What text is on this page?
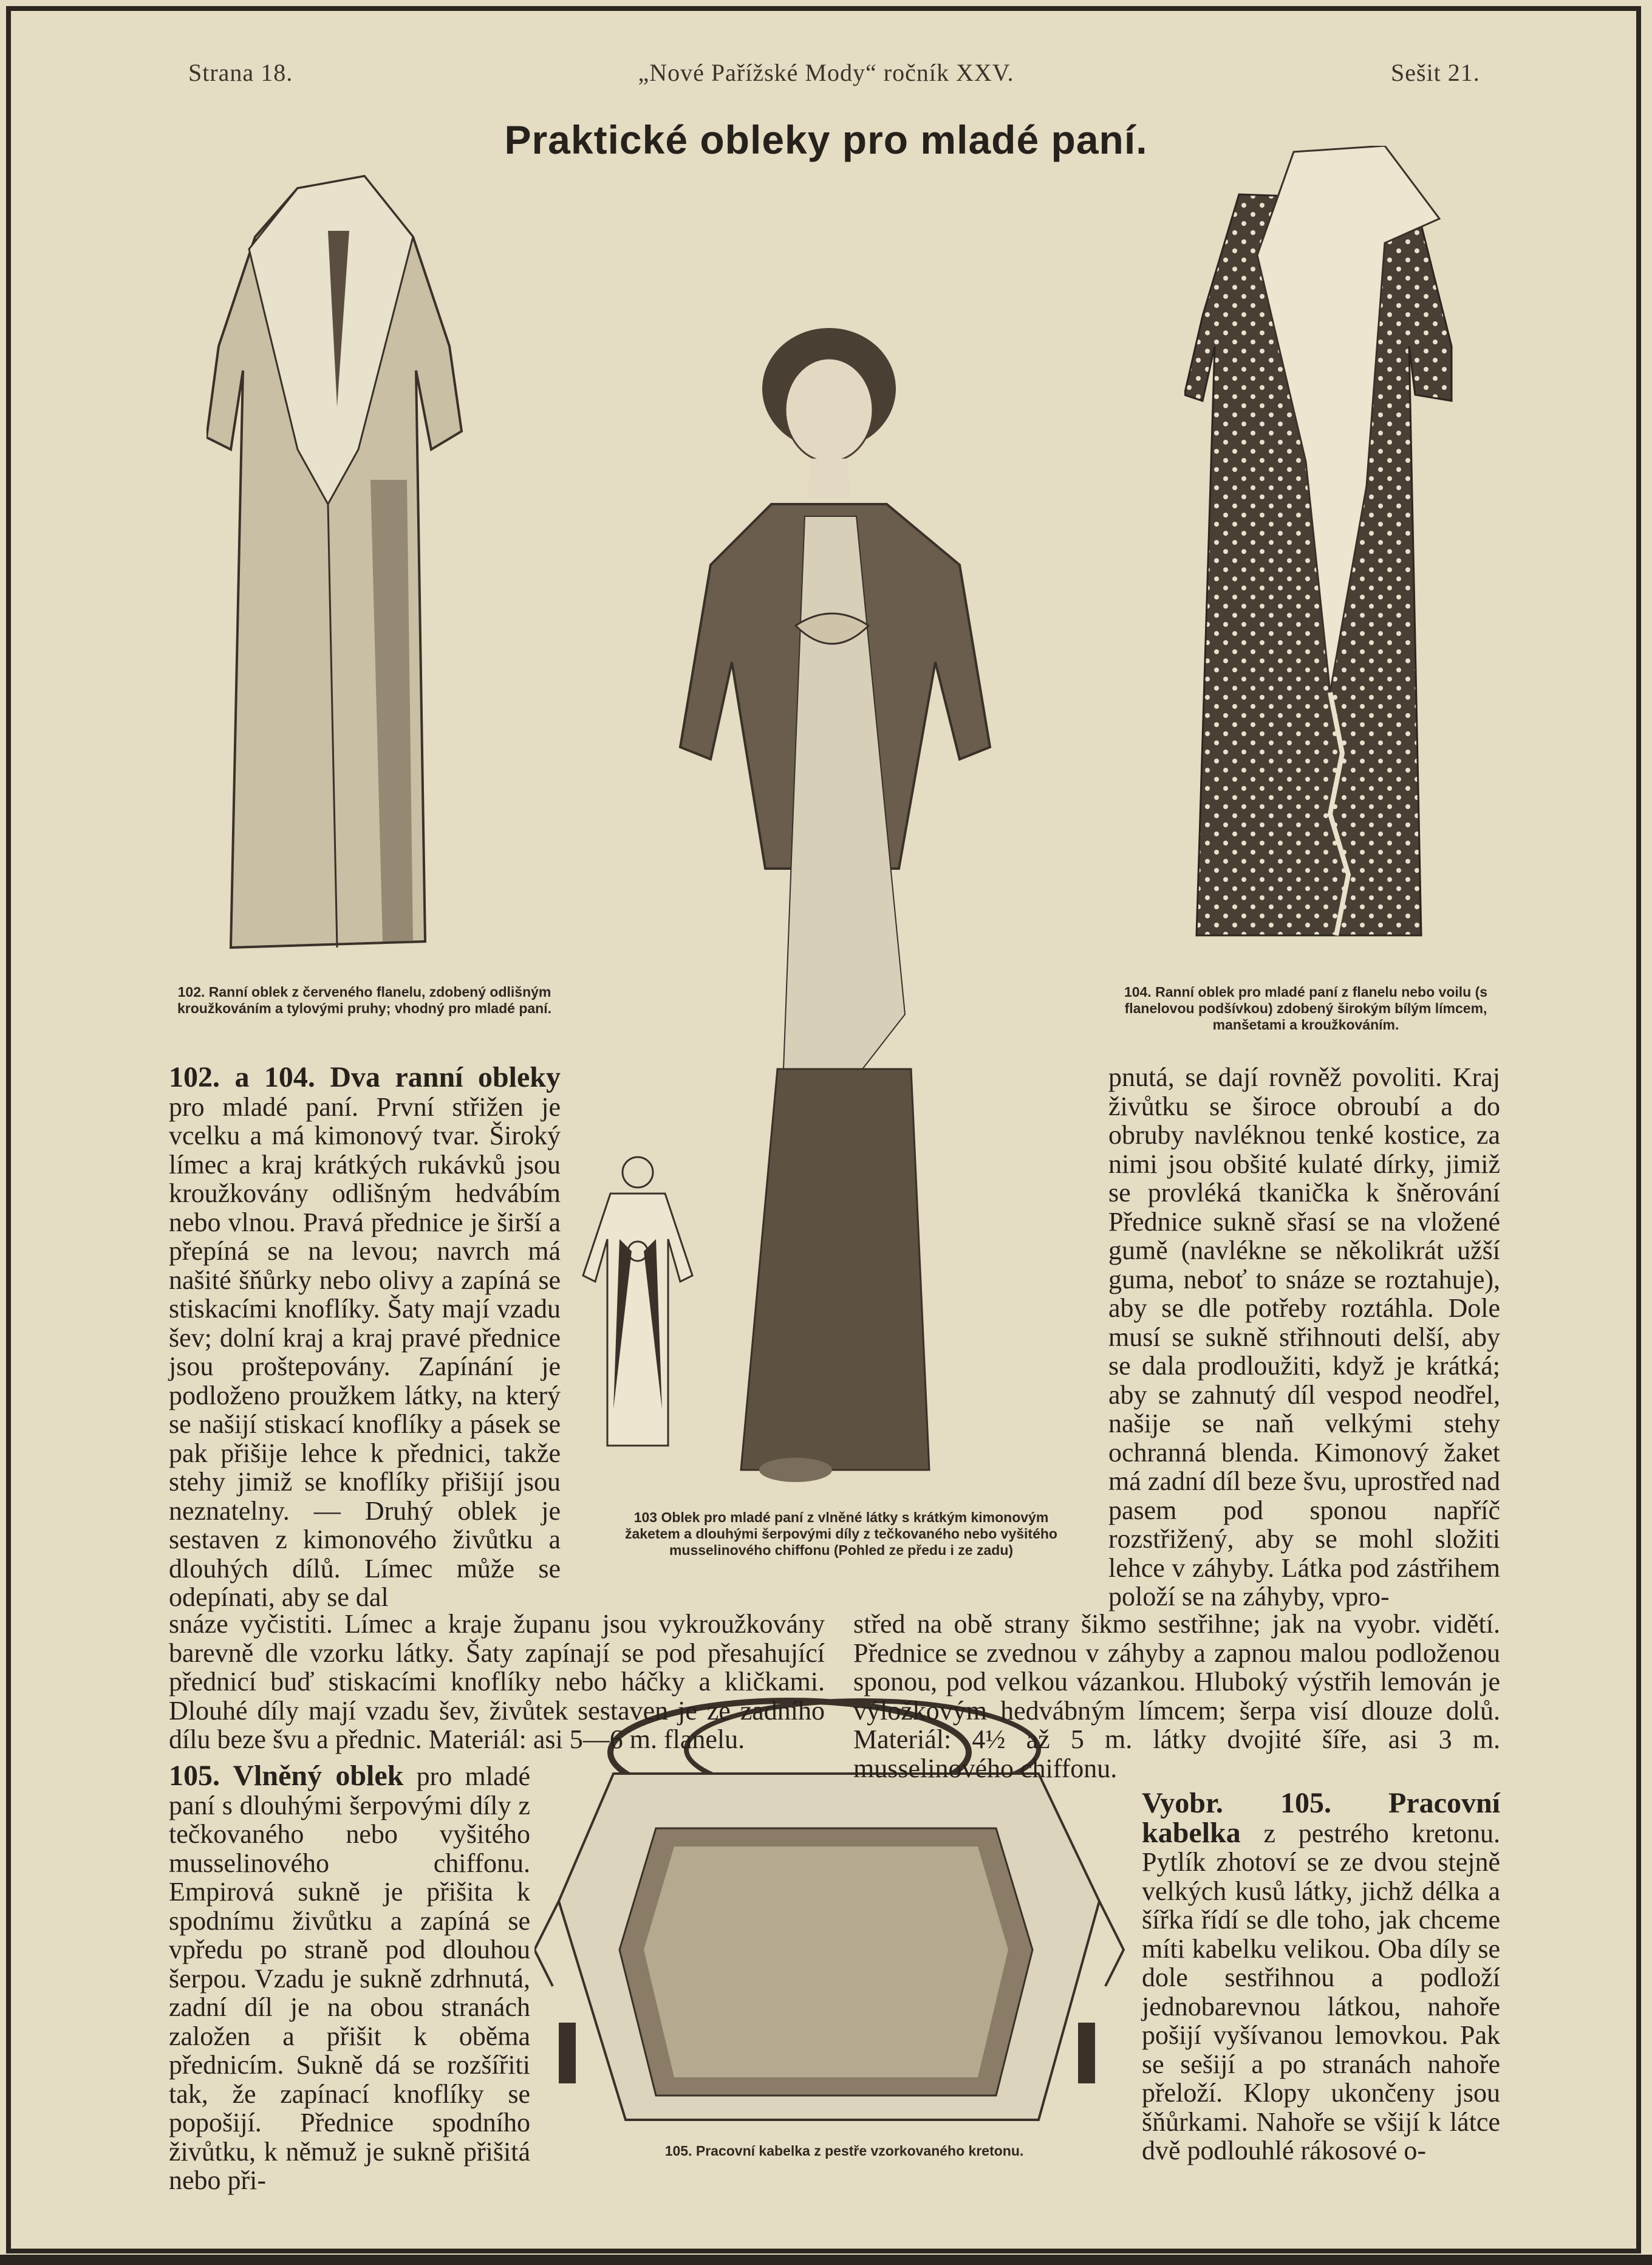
Strana 18.	„Nové Pařížské Mody“ ročník XXV.	Sešit 21.
Praktické obleky pro mladé paní.
102. Ranní oblek z červeného flanelu, zdobený odlišným kroužkováním a tylovými pruhy; vhodný pro mladé paní.
103 Oblek pro mladé paní z vlněné látky s krátkým kimonovým žaketem a dlouhými šerpovými díly z tečkovaného nebo vyšitého musselinového chiffonu (Pohled ze předu i ze zadu)
104. Ranní oblek pro mladé paní z flanelu nebo voilu (s flanelovou podšívkou) zdobený širokým bílým límcem, manšetami a kroužkováním.
105. Pracovní kabelka z pestře vzorkovaného kretonu.

102. a 104. Dva ranní obleky pro mladé paní. První střižen je vcelku a má kimonový tvar. Široký límec a kraj krátkých rukávků jsou kroužkovány odlišným hedvábím nebo vlnou. Pravá přednice je širší a přepíná se na levou; navrch má našité šňůrky nebo olivy a zapíná se stiskacími knoflíky. Šaty mají vzadu šev; dolní kraj a kraj pravé přednice jsou proštepovány. Zapínání je podloženo proužkem látky, na který se našijí stiskací knoflíky a pásek se pak přišije lehce k přednici, takže stehy jimiž se knoflíky přišijí jsou neznatelny. — Druhý oblek je sestaven z kimonového živůtku a dlouhých dílů. Límec může se odepínati, aby se dal

snáze vyčistiti. Límec a kraje županu jsou vykroužkovány barevně dle vzorku látky. Šaty zapínají se pod přesahující přednicí buď stiskacími knoflíky nebo háčky a kličkami. Dlouhé díly mají vzadu šev, živůtek sestaven je ze zadního dílu beze švu a přednic. Materiál: asi 5—6 m. flanelu.

105. Vlněný oblek pro mladé paní s dlouhými šerpovými díly z tečkovaného nebo vyšitého musselinového chiffonu. Empirová sukně je přišita k spodnímu živůtku a zapíná se vpředu po straně pod dlouhou šerpou. Vzadu je sukně zdrhnutá, zadní díl je na obou stranách založen a přišit k oběma přednicím. Sukně dá se rozšířiti tak, že zapínací knoflíky se popošijí. Přednice spodního živůtku, k němuž je sukně přišitá nebo při-

pnutá, se dají rovněž povoliti. Kraj živůtku se široce obroubí a do obruby navléknou tenké kostice, za nimi jsou obšité kulaté dírky, jimiž se provléká tkanička k šněrování Přednice sukně sřasí se na vložené gumě (navlékne se několikrát užší guma, neboť to snáze se roztahuje), aby se dle potřeby roztáhla. Dole musí se sukně střihnouti delší, aby se dala prodloužiti, když je krátká; aby se zahnutý díl vespod neodřel, našije se naň velkými stehy ochranná blenda. Kimonový žaket má zadní díl beze švu, uprostřed nad pasem pod sponou napříč rozstřižený, aby se mohl složiti lehce v záhyby. Látka pod zástřihem položí se na záhyby, vpro-

střed na obě strany šikmo sestřihne; jak na vyobr. vidětí. Přednice se zvednou v záhyby a zapnou malou podloženou sponou, pod velkou vázankou. Hluboký výstřih lemován je výložkovým hedvábným límcem; šerpa visí dlouze dolů. Materiál: 4½ až 5 m. látky dvojité šíře, asi 3 m. musselinového chiffonu.

Vyobr. 105. Pracovní kabelka z pestrého kretonu. Pytlík zhotoví se ze dvou stejně velkých kusů látky, jichž délka a šířka řídí se dle toho, jak chceme míti kabelku velikou. Oba díly se dole sestřihnou a podloží jednobarevnou látkou, nahoře pošijí vyšívanou lemovkou. Pak se sešijí a po stranách nahoře přeloží. Klopy ukončeny jsou šňůrkami. Nahoře se všijí k látce dvě podlouhlé rákosové o-
